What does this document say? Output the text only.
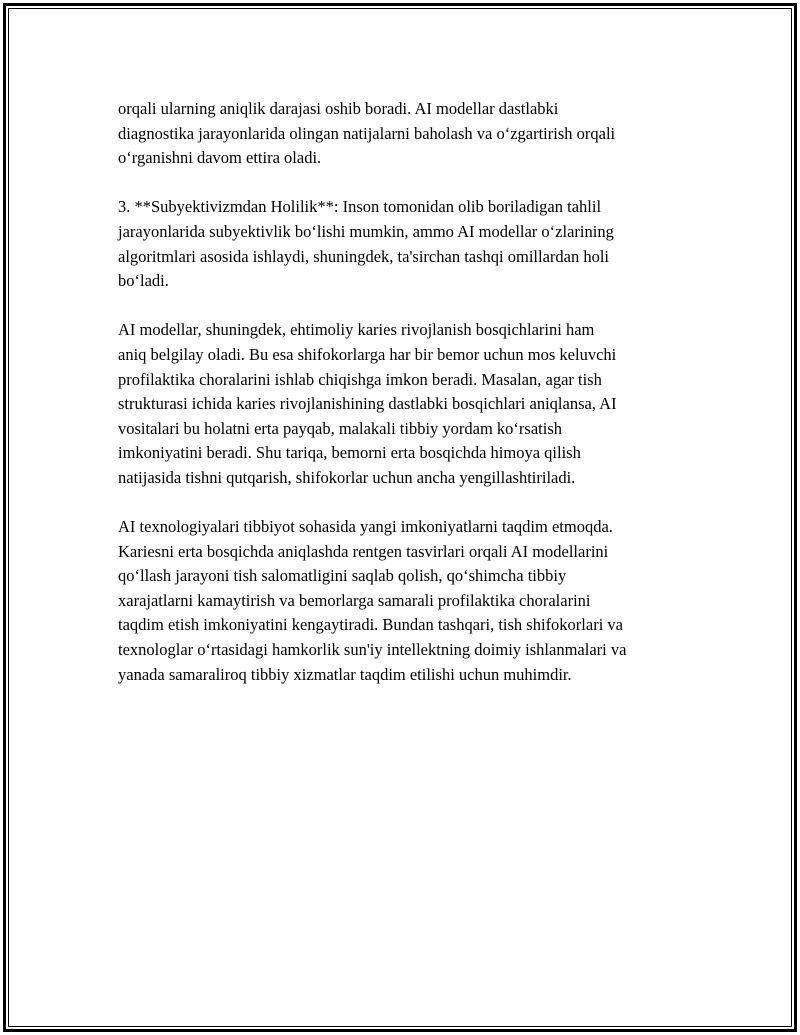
orqali ularning aniqlik darajasi oshib boradi. AI modellar dastlabki
diagnostika jarayonlarida olingan natijalarni baholash va o‘zgartirish orqali
o‘rganishni davom ettira oladi.

3. **Subyektivizmdan Holilik**: Inson tomonidan olib boriladigan tahlil
jarayonlarida subyektivlik bo‘lishi mumkin, ammo AI modellar o‘zlarining
algoritmlari asosida ishlaydi, shuningdek, ta'sirchan tashqi omillardan holi
bo‘ladi.

AI modellar, shuningdek, ehtimoliy karies rivojlanish bosqichlarini ham
aniq belgilay oladi. Bu esa shifokorlarga har bir bemor uchun mos keluvchi
profilaktika choralarini ishlab chiqishga imkon beradi. Masalan, agar tish
strukturasi ichida karies rivojlanishining dastlabki bosqichlari aniqlansa, AI
vositalari bu holatni erta payqab, malakali tibbiy yordam ko‘rsatish
imkoniyatini beradi. Shu tariqa, bemorni erta bosqichda himoya qilish
natijasida tishni qutqarish, shifokorlar uchun ancha yengillashtiriladi.

AI texnologiyalari tibbiyot sohasida yangi imkoniyatlarni taqdim etmoqda.
Kariesni erta bosqichda aniqlashda rentgen tasvirlari orqali AI modellarini
qo‘llash jarayoni tish salomatligini saqlab qolish, qo‘shimcha tibbiy
xarajatlarni kamaytirish va bemorlarga samarali profilaktika choralarini
taqdim etish imkoniyatini kengaytiradi. Bundan tashqari, tish shifokorlari va
texnologlar o‘rtasidagi hamkorlik sun'iy intellektning doimiy ishlanmalari va
yanada samaraliroq tibbiy xizmatlar taqdim etilishi uchun muhimdir.
